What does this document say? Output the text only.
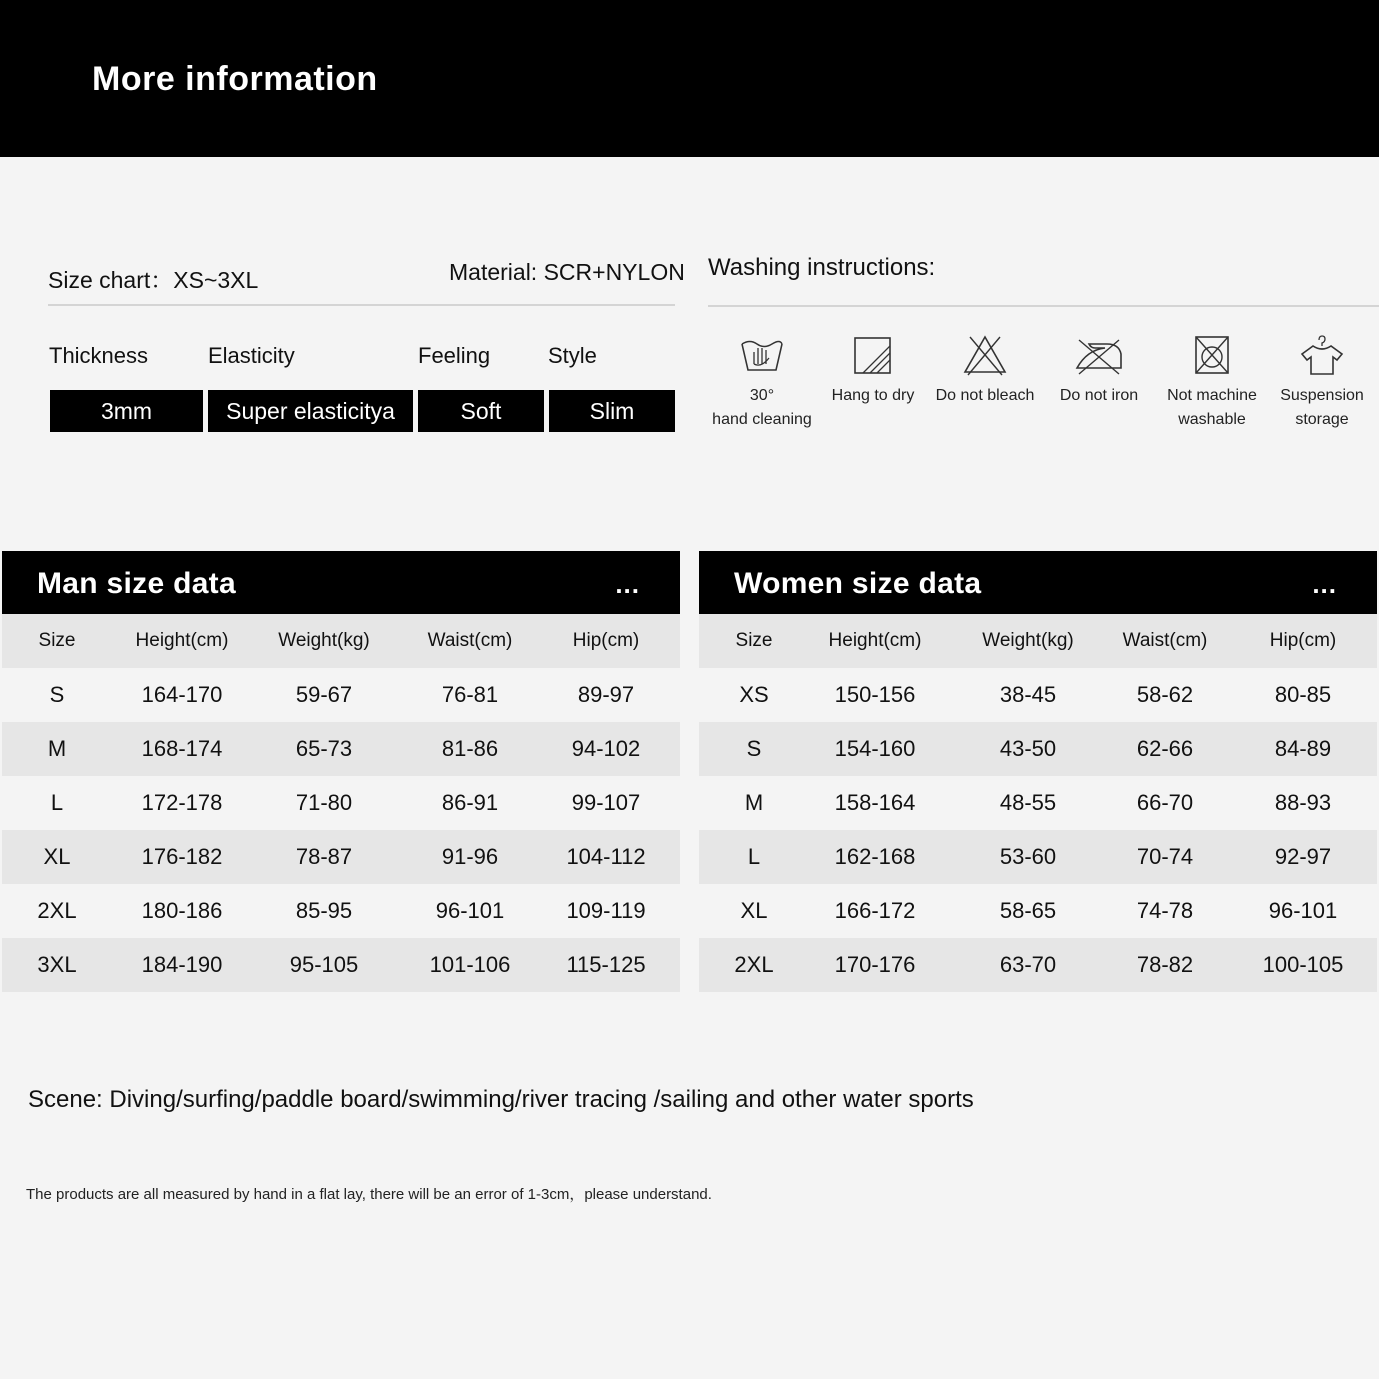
More information
Size chart：XS~3XL	Material: SCR+NYLON Washing instructions:
Thickness	Elasticity	Feeling	Style
3mm	Super elasticitya	Soft	Slim
30°
hand cleaning
Hang to dry	Do not bleach	Do not iron	Not machine
washable
Suspension
storage
Man size data	...
Size	Height(cm)	Weight(kg)	Waist(cm)	Hip(cm)
S	164-170	59-67	76-81	89-97
M	168-174	65-73	81-86	94-102
L	172-178	71-80	86-91	99-107
XL	176-182	78-87	91-96	104-112
2XL	180-186	85-95	96-101	109-119
3XL	184-190	95-105	101-106	115-125
Women size data	...
Size	Height(cm)	Weight(kg)	Waist(cm)	Hip(cm)
XS	150-156	38-45	58-62	80-85
S	154-160	43-50	62-66	84-89
M	158-164	48-55	66-70	88-93
L	162-168	53-60	70-74	92-97
XL	166-172	58-65	74-78	96-101
2XL	170-176	63-70	78-82	100-105
Scene: Diving/surfing/paddle board/swimming/river tracing /sailing and other water sports
The products are all measured by hand in a flat lay, there will be an error of 1-3cm，please understand.
